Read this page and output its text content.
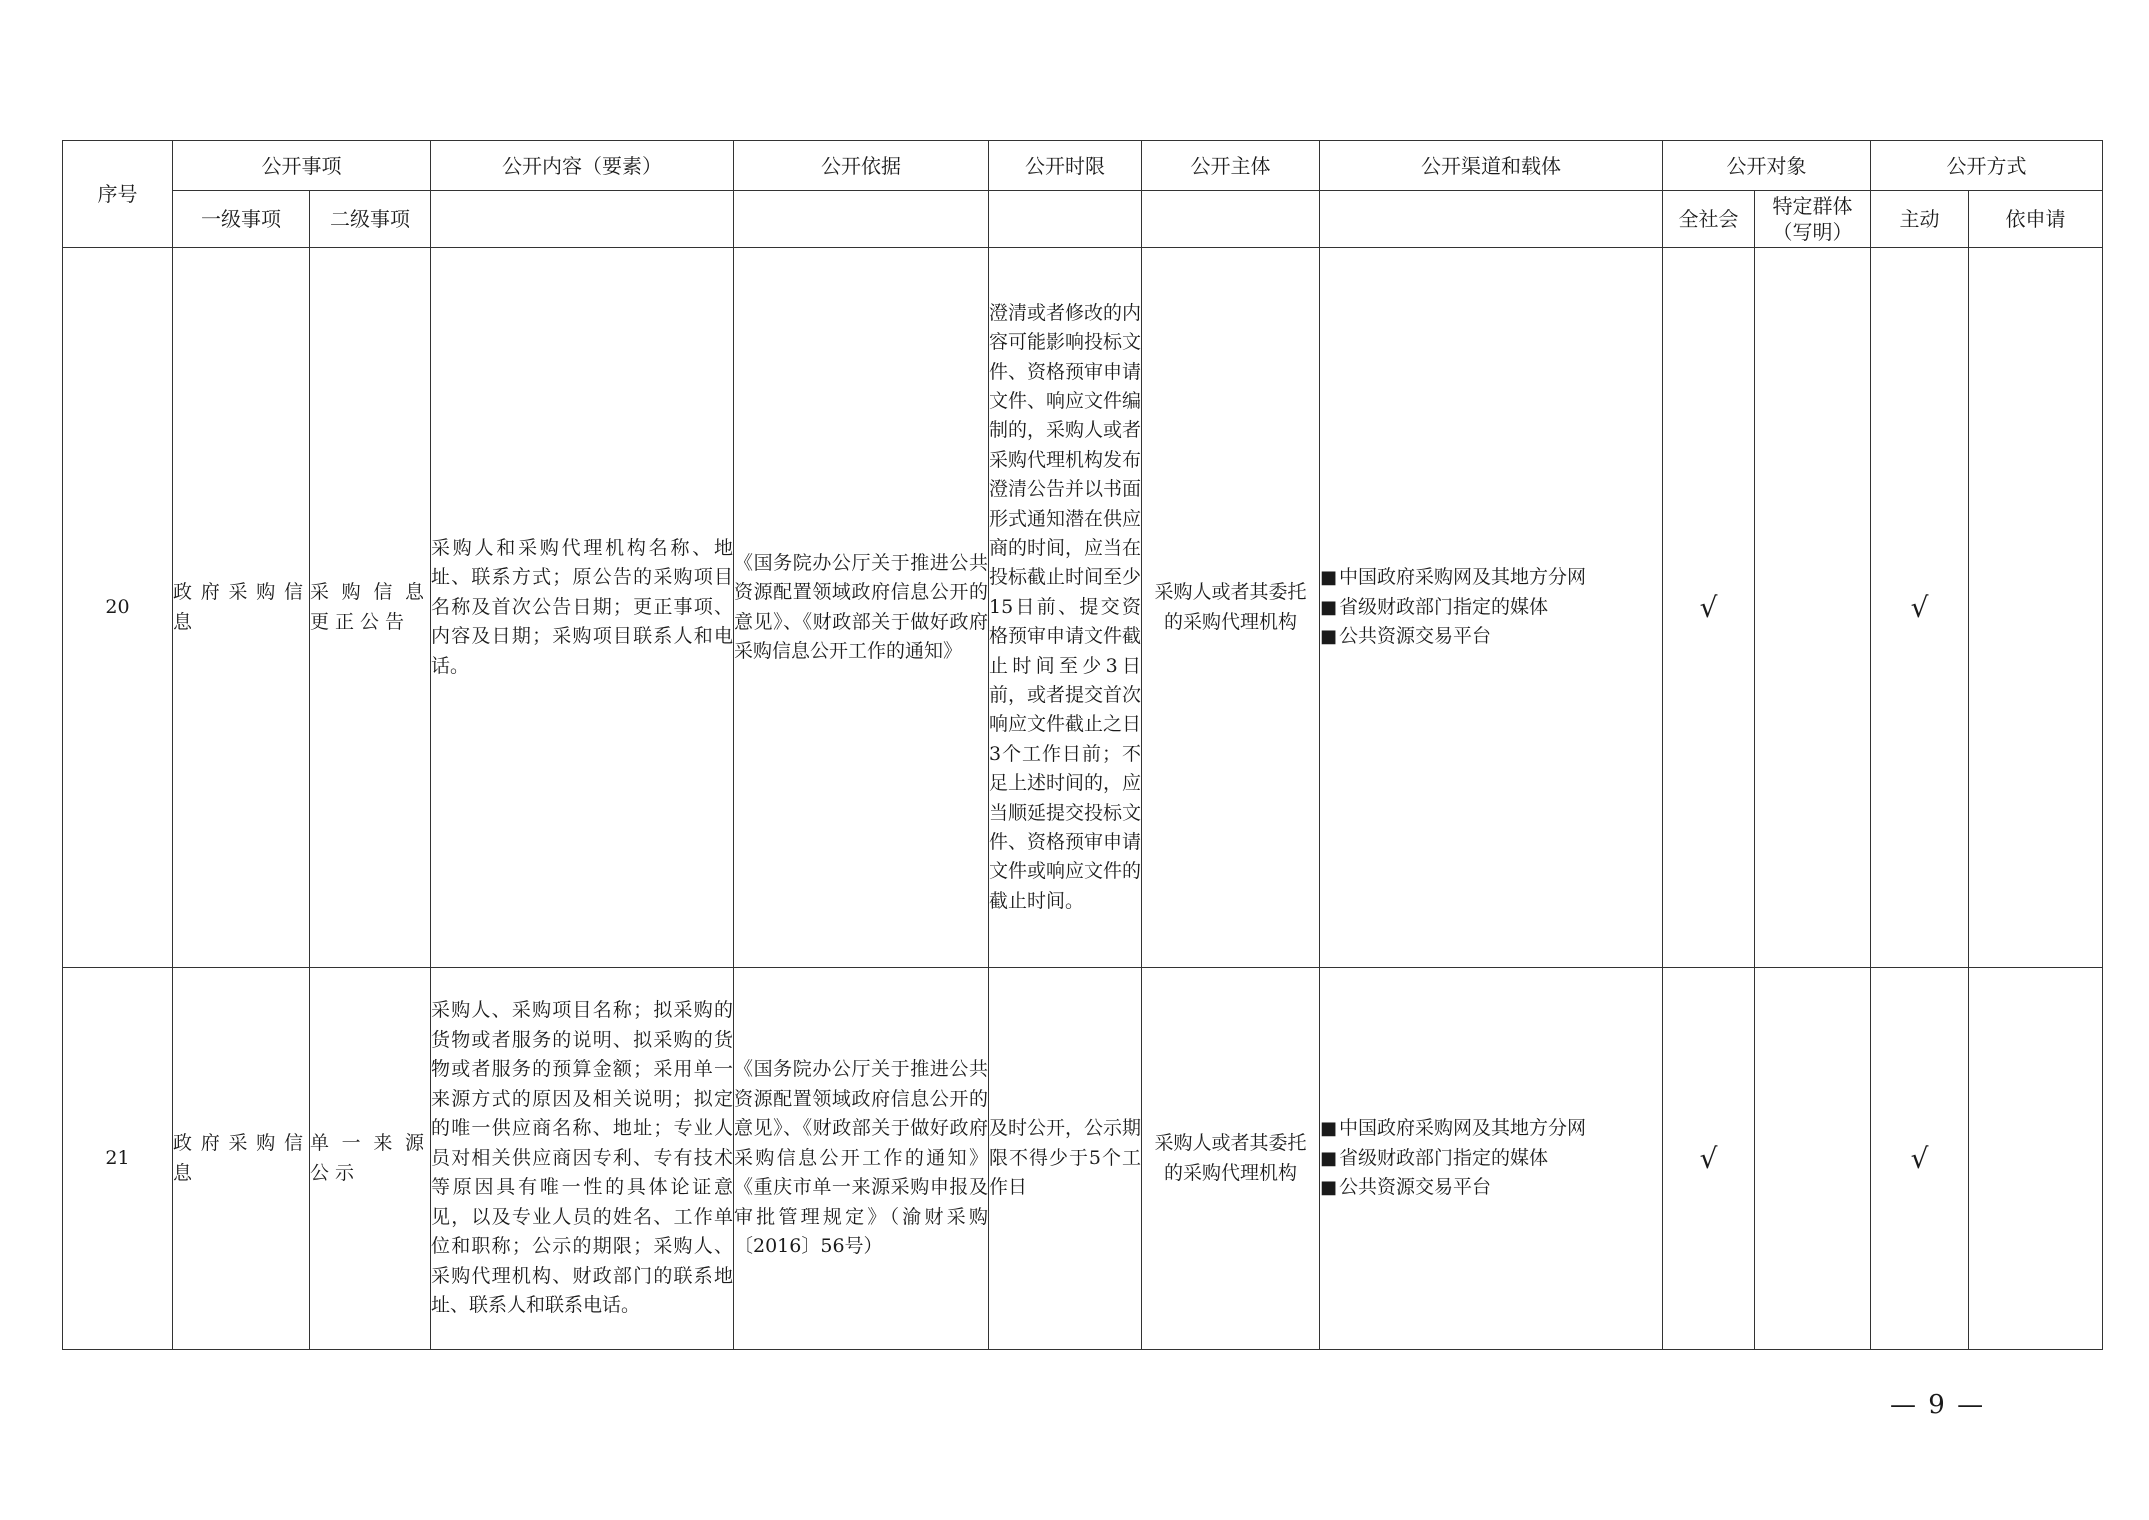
序号	公开事项		公开内容（要素）	公开依据	公开时限	公开主体	公开渠道和载体	公开对象		公开方式	
	一级事项	二级事项						全社会	特定群体（写明）	主动	依申请
20	政府采购信息	采购信息更正公告	采购人和采购代理机构名称、地址、联系方式；原公告的采购项目名称及首次公告日期；更正事项、内容及日期；采购项目联系人和电话。	《国务院办公厅关于推进公共资源配置领域政府信息公开的意见》、《财政部关于做好政府采购信息公开工作的通知》	澄清或者修改的内容可能影响投标文件、资格预审申请文件、响应文件编制的，采购人或者采购代理机构发布澄清公告并以书面形式通知潜在供应商的时间，应当在投标截止时间至少15日前、提交资格预审申请文件截止时间至少3日前，或者提交首次响应文件截止之日3个工作日前；不足上述时间的，应当顺延提交投标文件、资格预审申请文件或响应文件的截止时间。	采购人或者其委托的采购代理机构	■ 中国政府采购网及其地方分网
■ 省级财政部门指定的媒体
■ 公共资源交易平台	√		√	
21	政府采购信息	单一来源公示	采购人、采购项目名称；拟采购的货物或者服务的说明、拟采购的货物或者服务的预算金额；采用单一来源方式的原因及相关说明；拟定的唯一供应商名称、地址；专业人员对相关供应商因专利、专有技术等原因具有唯一性的具体论证意见，以及专业人员的姓名、工作单位和职称；公示的期限；采购人、采购代理机构、财政部门的联系地址、联系人和联系电话。	《国务院办公厅关于推进公共资源配置领域政府信息公开的意见》、《财政部关于做好政府采购信息公开工作的通知》《重庆市单一来源采购申报及审批管理规定》（渝财采购〔2016〕56号）	及时公开，公示期限不得少于5个工作日	采购人或者其委托的采购代理机构	■ 中国政府采购网及其地方分网
■ 省级财政部门指定的媒体
■ 公共资源交易平台	√		√	
— 9 —
